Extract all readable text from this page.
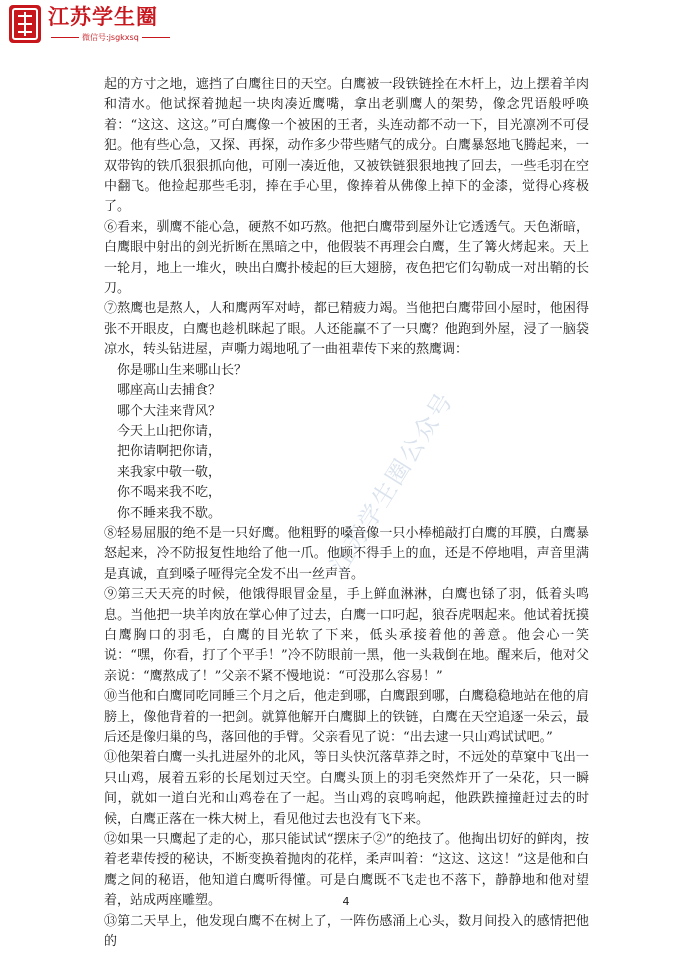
江苏学生圈
微信号:jsgkxsq
江苏学生圈公众号

起的方寸之地，遮挡了白鹰往日的天空。白鹰被一段铁链拴在木杆上，边上摆着羊肉和清水。他试探着抛起一块肉凑近鹰嘴，拿出老驯鹰人的架势，像念咒语般呼唤着：“这这、这这。”可白鹰像一个被困的王者，头连动都不动一下，目光凛冽不可侵犯。他有些心急，又探、再探，动作多少带些赌气的成分。白鹰暴怒地飞腾起来，一双带钩的铁爪狠狠抓向他，可刚一凑近他，又被铁链狠狠地拽了回去，一些毛羽在空中翻飞。他捡起那些毛羽，捧在手心里，像捧着从佛像上掉下的金漆，觉得心疼极了。

⑥看来，驯鹰不能心急，硬熬不如巧熬。他把白鹰带到屋外让它透透气。天色渐暗，白鹰眼中射出的剑光折断在黑暗之中，他假装不再理会白鹰，生了篝火烤起来。天上一轮月，地上一堆火，映出白鹰扑棱起的巨大翅膀，夜色把它们勾勒成一对出鞘的长刀。

⑦熬鹰也是熬人，人和鹰两军对峙，都已精疲力竭。当他把白鹰带回小屋时，他困得张不开眼皮，白鹰也趁机眯起了眼。人还能赢不了一只鹰？他跑到外屋，浸了一脑袋凉水，转头钻进屋，声嘶力竭地吼了一曲祖辈传下来的熬鹰调：

你是哪山生来哪山长？

哪座高山去捕食？

哪个大洼来背风？

今天上山把你请，

把你请啊把你请，

来我家中敬一敬，

你不喝来我不吃，

你不睡来我不歇。

⑧轻易屈服的绝不是一只好鹰。他粗野的嗓音像一只小棒槌敲打白鹰的耳膜，白鹰暴怒起来，冷不防报复性地给了他一爪。他顾不得手上的血，还是不停地唱，声音里满是真诚，直到嗓子哑得完全发不出一丝声音。

⑨第三天天亮的时候，他饿得眼冒金星，手上鲜血淋淋，白鹰也铩了羽，低着头鸣息。当他把一块羊肉放在掌心伸了过去，白鹰一口叼起，狼吞虎咽起来。他试着抚摸白鹰胸口的羽毛，白鹰的目光软了下来，低头承接着他的善意。他会心一笑说：“嘿，你看，打了个平手！”冷不防眼前一黑，他一头栽倒在地。醒来后，他对父亲说：“鹰熬成了！”父亲不紧不慢地说：“可没那么容易！”

⑩当他和白鹰同吃同睡三个月之后，他走到哪，白鹰跟到哪，白鹰稳稳地站在他的肩膀上，像他背着的一把剑。就算他解开白鹰脚上的铁链，白鹰在天空追逐一朵云，最后还是像归巢的鸟，落回他的手臂。父亲看见了说：“出去逮一只山鸡试试吧。”

⑪他架着白鹰一头扎进屋外的北风，等日头快沉落草莽之时，不远处的草窠中飞出一只山鸡，展着五彩的长尾划过天空。白鹰头顶上的羽毛突然炸开了一朵花，只一瞬间，就如一道白光和山鸡卷在了一起。当山鸡的哀鸣响起，他跌跌撞撞赶过去的时候，白鹰正落在一株大树上，看见他过去也没有飞下来。

⑫如果一只鹰起了走的心，那只能试试“摆床子②”的绝技了。他掏出切好的鲜肉，按着老辈传授的秘诀，不断变换着抛肉的花样，柔声叫着：“这这、这这！”这是他和白鹰之间的秘语，他知道白鹰听得懂。可是白鹰既不飞走也不落下，静静地和他对望着，站成两座雕塑。

⑬第二天早上，他发现白鹰不在树上了，一阵伤感涌上心头，数月间投入的感情把他的

4
